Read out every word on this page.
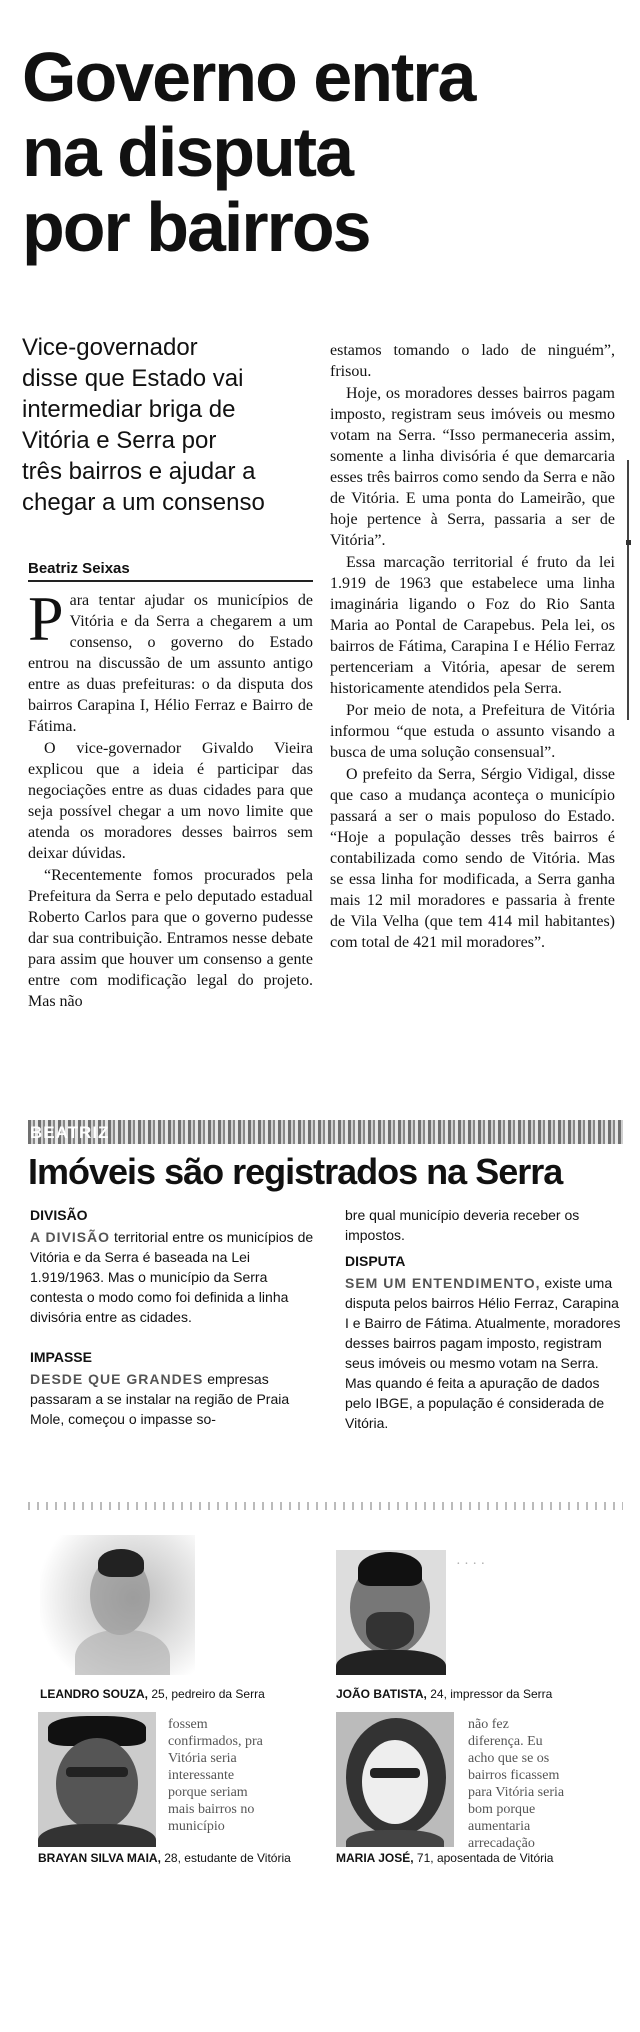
Governo entra
na disputa
por bairros
Vice-governador
disse que Estado vai
intermediar briga de
Vitória e Serra por
três bairros e ajudar a
chegar a um consenso
Beatriz Seixas

Para tentar ajudar os municípios de Vitória e da Serra a chegarem a um consenso, o governo do Estado entrou na discussão de um assunto antigo entre as duas prefeituras: o da disputa dos bairros Carapina I, Hélio Ferraz e Bairro de Fátima.

O vice-governador Givaldo Vieira explicou que a ideia é participar das negociações entre as duas cidades para que seja possível chegar a um novo limite que atenda os moradores desses bairros sem deixar dúvidas.

“Recentemente fomos procurados pela Prefeitura da Serra e pelo deputado estadual Roberto Carlos para que o governo pudesse dar sua contribuição. Entramos nesse debate para assim que houver um consenso a gente entre com modificação legal do projeto. Mas não

estamos tomando o lado de ninguém”, frisou.

Hoje, os moradores desses bairros pagam imposto, registram seus imóveis ou mesmo votam na Serra. “Isso permaneceria assim, somente a linha divisória é que demarcaria esses três bairros como sendo da Serra e não de Vitória. E uma ponta do Lameirão, que hoje pertence à Serra, passaria a ser de Vitória”.

Essa marcação territorial é fruto da lei 1.919 de 1963 que estabelece uma linha imaginária ligando o Foz do Rio Santa Maria ao Pontal de Carapebus. Pela lei, os bairros de Fátima, Carapina I e Hélio Ferraz pertenceriam a Vitória, apesar de serem historicamente atendidos pela Serra.

Por meio de nota, a Prefeitura de Vitória informou “que estuda o assunto visando a busca de uma solução consensual”.

O prefeito da Serra, Sérgio Vidigal, disse que caso a mudança aconteça o município passará a ser o mais populoso do Estado. “Hoje a população desses três bairros é contabilizada como sendo de Vitória. Mas se essa linha for modificada, a Serra ganha mais 12 mil moradores e passaria à frente de Vila Velha (que tem 414 mil habitantes) com total de 421 mil moradores”.

BEATRIZ
Imóveis são registrados na Serra
DIVISÃO

A DIVISÃO territorial entre os municípios de Vitória e da Serra é baseada na Lei 1.919/1963. Mas o município da Serra contesta o modo como foi definida a linha divisória entre as cidades.

IMPASSE

DESDE QUE GRANDES empresas passaram a se instalar na região de Praia Mole, começou o impasse so-

bre qual município deveria receber os impostos.

DISPUTA

SEM UM ENTENDIMENTO, existe uma disputa pelos bairros Hélio Ferraz, Carapina I e Bairro de Fátima. Atualmente, moradores desses bairros pagam imposto, registram seus imóveis ou mesmo votam na Serra. Mas quando é feita a apuração de dados pelo IBGE, a população é considerada de Vitória.

LEANDRO SOUZA, 25, pedreiro da Serra
· · · ·
JOÃO BATISTA, 24, impressor da Serra
fossem
confirmados, pra
Vitória seria
interessante
porque seriam
mais bairros no
município
BRAYAN SILVA MAIA, 28, estudante de Vitória
não fez
diferença. Eu
acho que se os
bairros ficassem
para Vitória seria
bom porque
aumentaria
arrecadação
MARIA JOSÉ, 71, aposentada de Vitória
